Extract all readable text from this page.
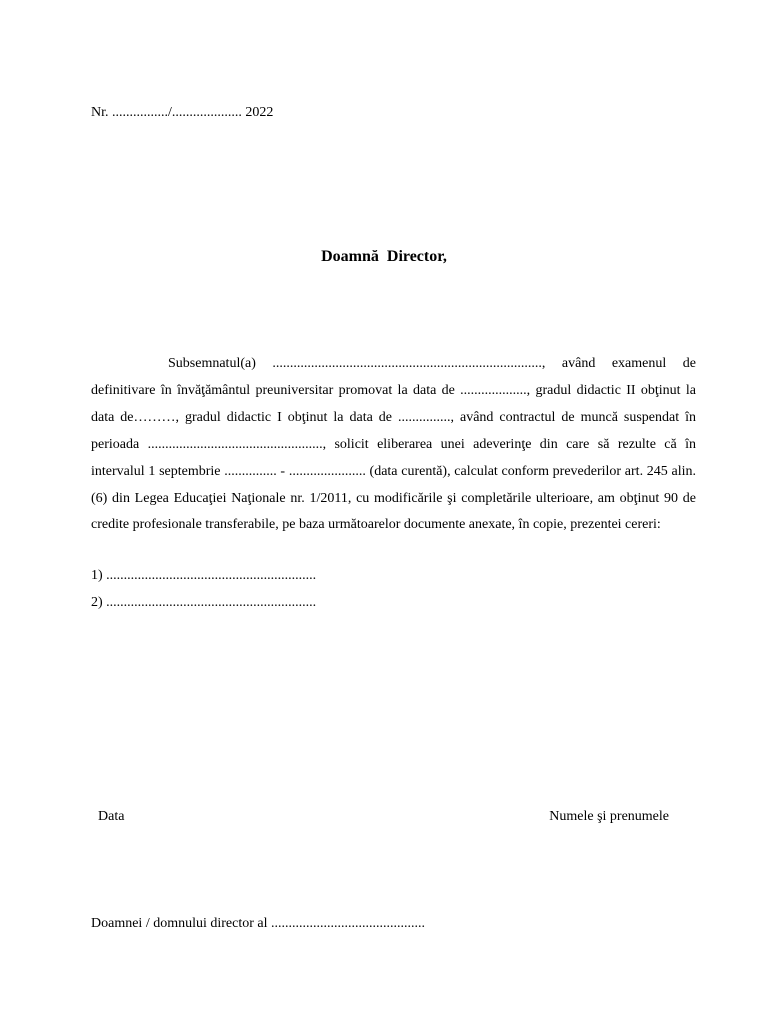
Nr. ................/.................... 2022
Doamnă  Director,

Subsemnatul(a) ............................................................................., având examenul de definitivare în învăţământul preuniversitar promovat la data de ..................., gradul didactic II obţinut la data de………, gradul didactic I obţinut la data de ..............., având contractul de muncă suspendat în perioada .................................................., solicit eliberarea unei adeverinţe din care să rezulte că în intervalul 1 septembrie ............... - ...................... (data curentă), calculat conform prevederilor art. 245 alin. (6) din Legea Educaţiei Naţionale nr. 1/2011, cu modificările şi completările ulterioare, am obţinut 90 de credite profesionale transferabile, pe baza următoarelor documente anexate, în copie, prezentei cereri:

1) ............................................................
2) ............................................................
Data	Numele şi prenumele
Doamnei / domnului director al ............................................
